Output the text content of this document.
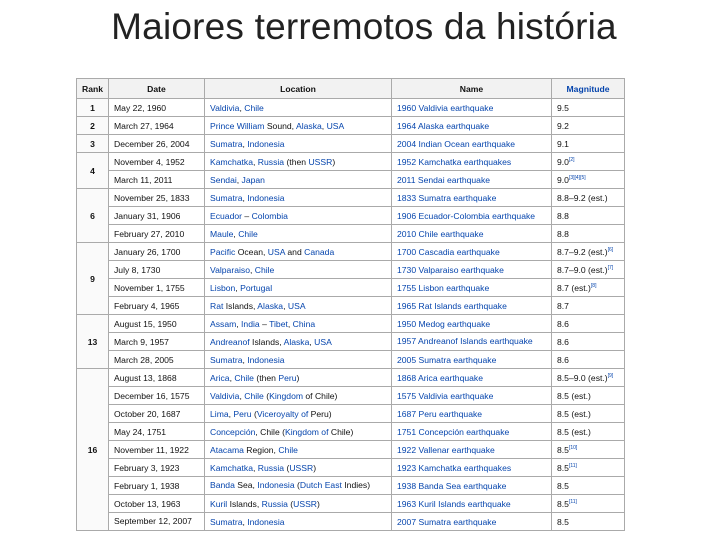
Maiores terremotos da história
Rank	Date	Location	Name	Magnitude
1	May 22, 1960	Valdivia, Chile	1960 Valdivia earthquake	9.5
2	March 27, 1964	Prince William Sound, Alaska, USA	1964 Alaska earthquake	9.2
3	December 26, 2004	Sumatra, Indonesia	2004 Indian Ocean earthquake	9.1
4	November 4, 1952	Kamchatka, Russia (then USSR)	1952 Kamchatka earthquakes	9.0[2]
	March 11, 2011	Sendai, Japan	2011 Sendai earthquake	9.0[3][4][5]
6	November 25, 1833	Sumatra, Indonesia	1833 Sumatra earthquake	8.8–9.2 (est.)
	January 31, 1906	Ecuador – Colombia	1906 Ecuador-Colombia earthquake	8.8
	February 27, 2010	Maule, Chile	2010 Chile earthquake	8.8
9	January 26, 1700	Pacific Ocean, USA and Canada	1700 Cascadia earthquake	8.7–9.2 (est.)[6]
	July 8, 1730	Valparaiso, Chile	1730 Valparaiso earthquake	8.7–9.0 (est.)[7]
	November 1, 1755	Lisbon, Portugal	1755 Lisbon earthquake	8.7 (est.)[8]
	February 4, 1965	Rat Islands, Alaska, USA	1965 Rat Islands earthquake	8.7
13	August 15, 1950	Assam, India – Tibet, China	1950 Medog earthquake	8.6
	March 9, 1957	Andreanof Islands, Alaska, USA	1957 Andreanof Islands earthquake	8.6
	March 28, 2005	Sumatra, Indonesia	2005 Sumatra earthquake	8.6
16	August 13, 1868	Arica, Chile (then Peru)	1868 Arica earthquake	8.5–9.0 (est.)[9]
	December 16, 1575	Valdivia, Chile (Kingdom of Chile)	1575 Valdivia earthquake	8.5 (est.)
	October 20, 1687	Lima, Peru (Viceroyalty of Peru)	1687 Peru earthquake	8.5 (est.)
	May 24, 1751	Concepción, Chile (Kingdom of Chile)	1751 Concepción earthquake	8.5 (est.)
	November 11, 1922	Atacama Region, Chile	1922 Vallenar earthquake	8.5[10]
	February 3, 1923	Kamchatka, Russia (USSR)	1923 Kamchatka earthquakes	8.5[11]
	February 1, 1938	Banda Sea, Indonesia (Dutch East Indies)	1938 Banda Sea earthquake	8.5
	October 13, 1963	Kuril Islands, Russia (USSR)	1963 Kuril Islands earthquake	8.5[11]
	September 12, 2007	Sumatra, Indonesia	2007 Sumatra earthquake	8.5
